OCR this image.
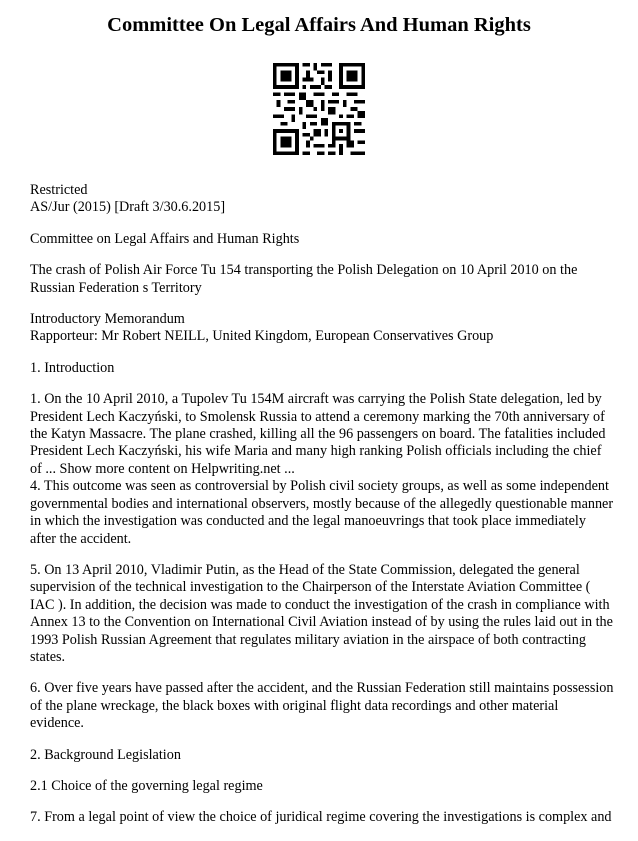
Committee On Legal Affairs And Human Rights

Restricted

AS/Jur (2015) [Draft 3/30.6.2015]

Committee on Legal Affairs and Human Rights

The crash of Polish Air Force Tu 154 transporting the Polish Delegation on 10 April 2010 on the Russian Federation s Territory

Introductory Memorandum

Rapporteur: Mr Robert NEILL, United Kingdom, European Conservatives Group

1. Introduction

1. On the 10 April 2010, a Tupolev Tu 154M aircraft was carrying the Polish State delegation, led by President Lech Kaczyński, to Smolensk Russia to attend a ceremony marking the 70th anniversary of the Katyn Massacre. The plane crashed, killing all the 96 passengers on board. The fatalities included President Lech Kaczyński, his wife Maria and many high ranking Polish officials including the chief of ... Show more content on Helpwriting.net ...

4. This outcome was seen as controversial by Polish civil society groups, as well as some independent governmental bodies and international observers, mostly because of the allegedly questionable manner in which the investigation was conducted and the legal manoeuvrings that took place immediately after the accident.

5. On 13 April 2010, Vladimir Putin, as the Head of the State Commission, delegated the general supervision of the technical investigation to the Chairperson of the Interstate Aviation Committee ( IAC ). In addition, the decision was made to conduct the investigation of the crash in compliance with Annex 13 to the Convention on International Civil Aviation instead of by using the rules laid out in the 1993 Polish Russian Agreement that regulates military aviation in the airspace of both contracting states.

6. Over five years have passed after the accident, and the Russian Federation still maintains possession of the plane wreckage, the black boxes with original flight data recordings and other material evidence.

2. Background Legislation

2.1 Choice of the governing legal regime

7. From a legal point of view the choice of juridical regime covering the investigations is complex and
